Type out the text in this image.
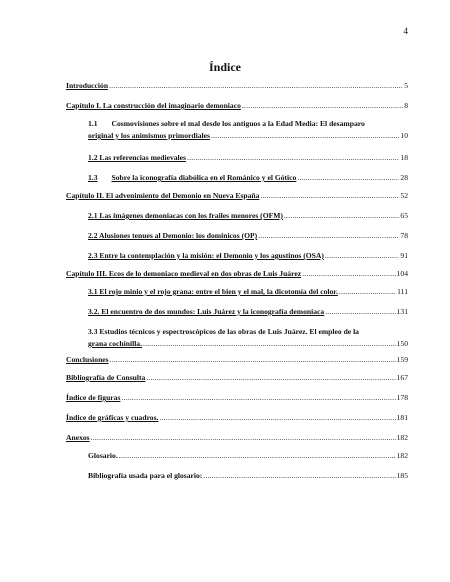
4
Índice
Introducción .....	5
Capítulo I. La construcción del imaginario demoniaco .....	8
1.1 Cosmovisiones sobre el mal desde los antiguos a la Edad Media: El desamparo
original y los animismos primordiales .....	10
1.2 Las referencias medievales .....	18
1.3 Sobre la iconografía diabólica en el Románico y el Gótico .....	28
Capítulo II. El advenimiento del Demonio en Nueva España .....	52
2.1 Las imágenes demoniacas con los frailes menores (OFM) .....	65
2.2 Alusiones tenues al Demonio: los dominicos (OP) .....	78
2.3 Entre la contemplación y la misión: el Demonio y los agustinos (OSA) .....	91
Capítulo III. Ecos de lo demoniaco medieval en dos obras de Luis Juárez .....	104
3.1 El rojo minio y el rojo grana: entre el bien y el mal, la dicotomía del color. .....	111
3.2. El encuentro de dos mundos: Luis Juárez y la iconografía demoniaca .....	131
3.3 Estudios técnicos y espectroscópicos de las obras de Luis Juárez. El empleo de la
grana cochinilla. .....	150
Conclusiones .....	159
Bibliografía de Consulta .....	167
Índice de figuras .....	178
Índice de gráficas y cuadros. .....	181
Anexos .....	182
Glosario. .....	182
Bibliografía usada para el glosario: .....	185
